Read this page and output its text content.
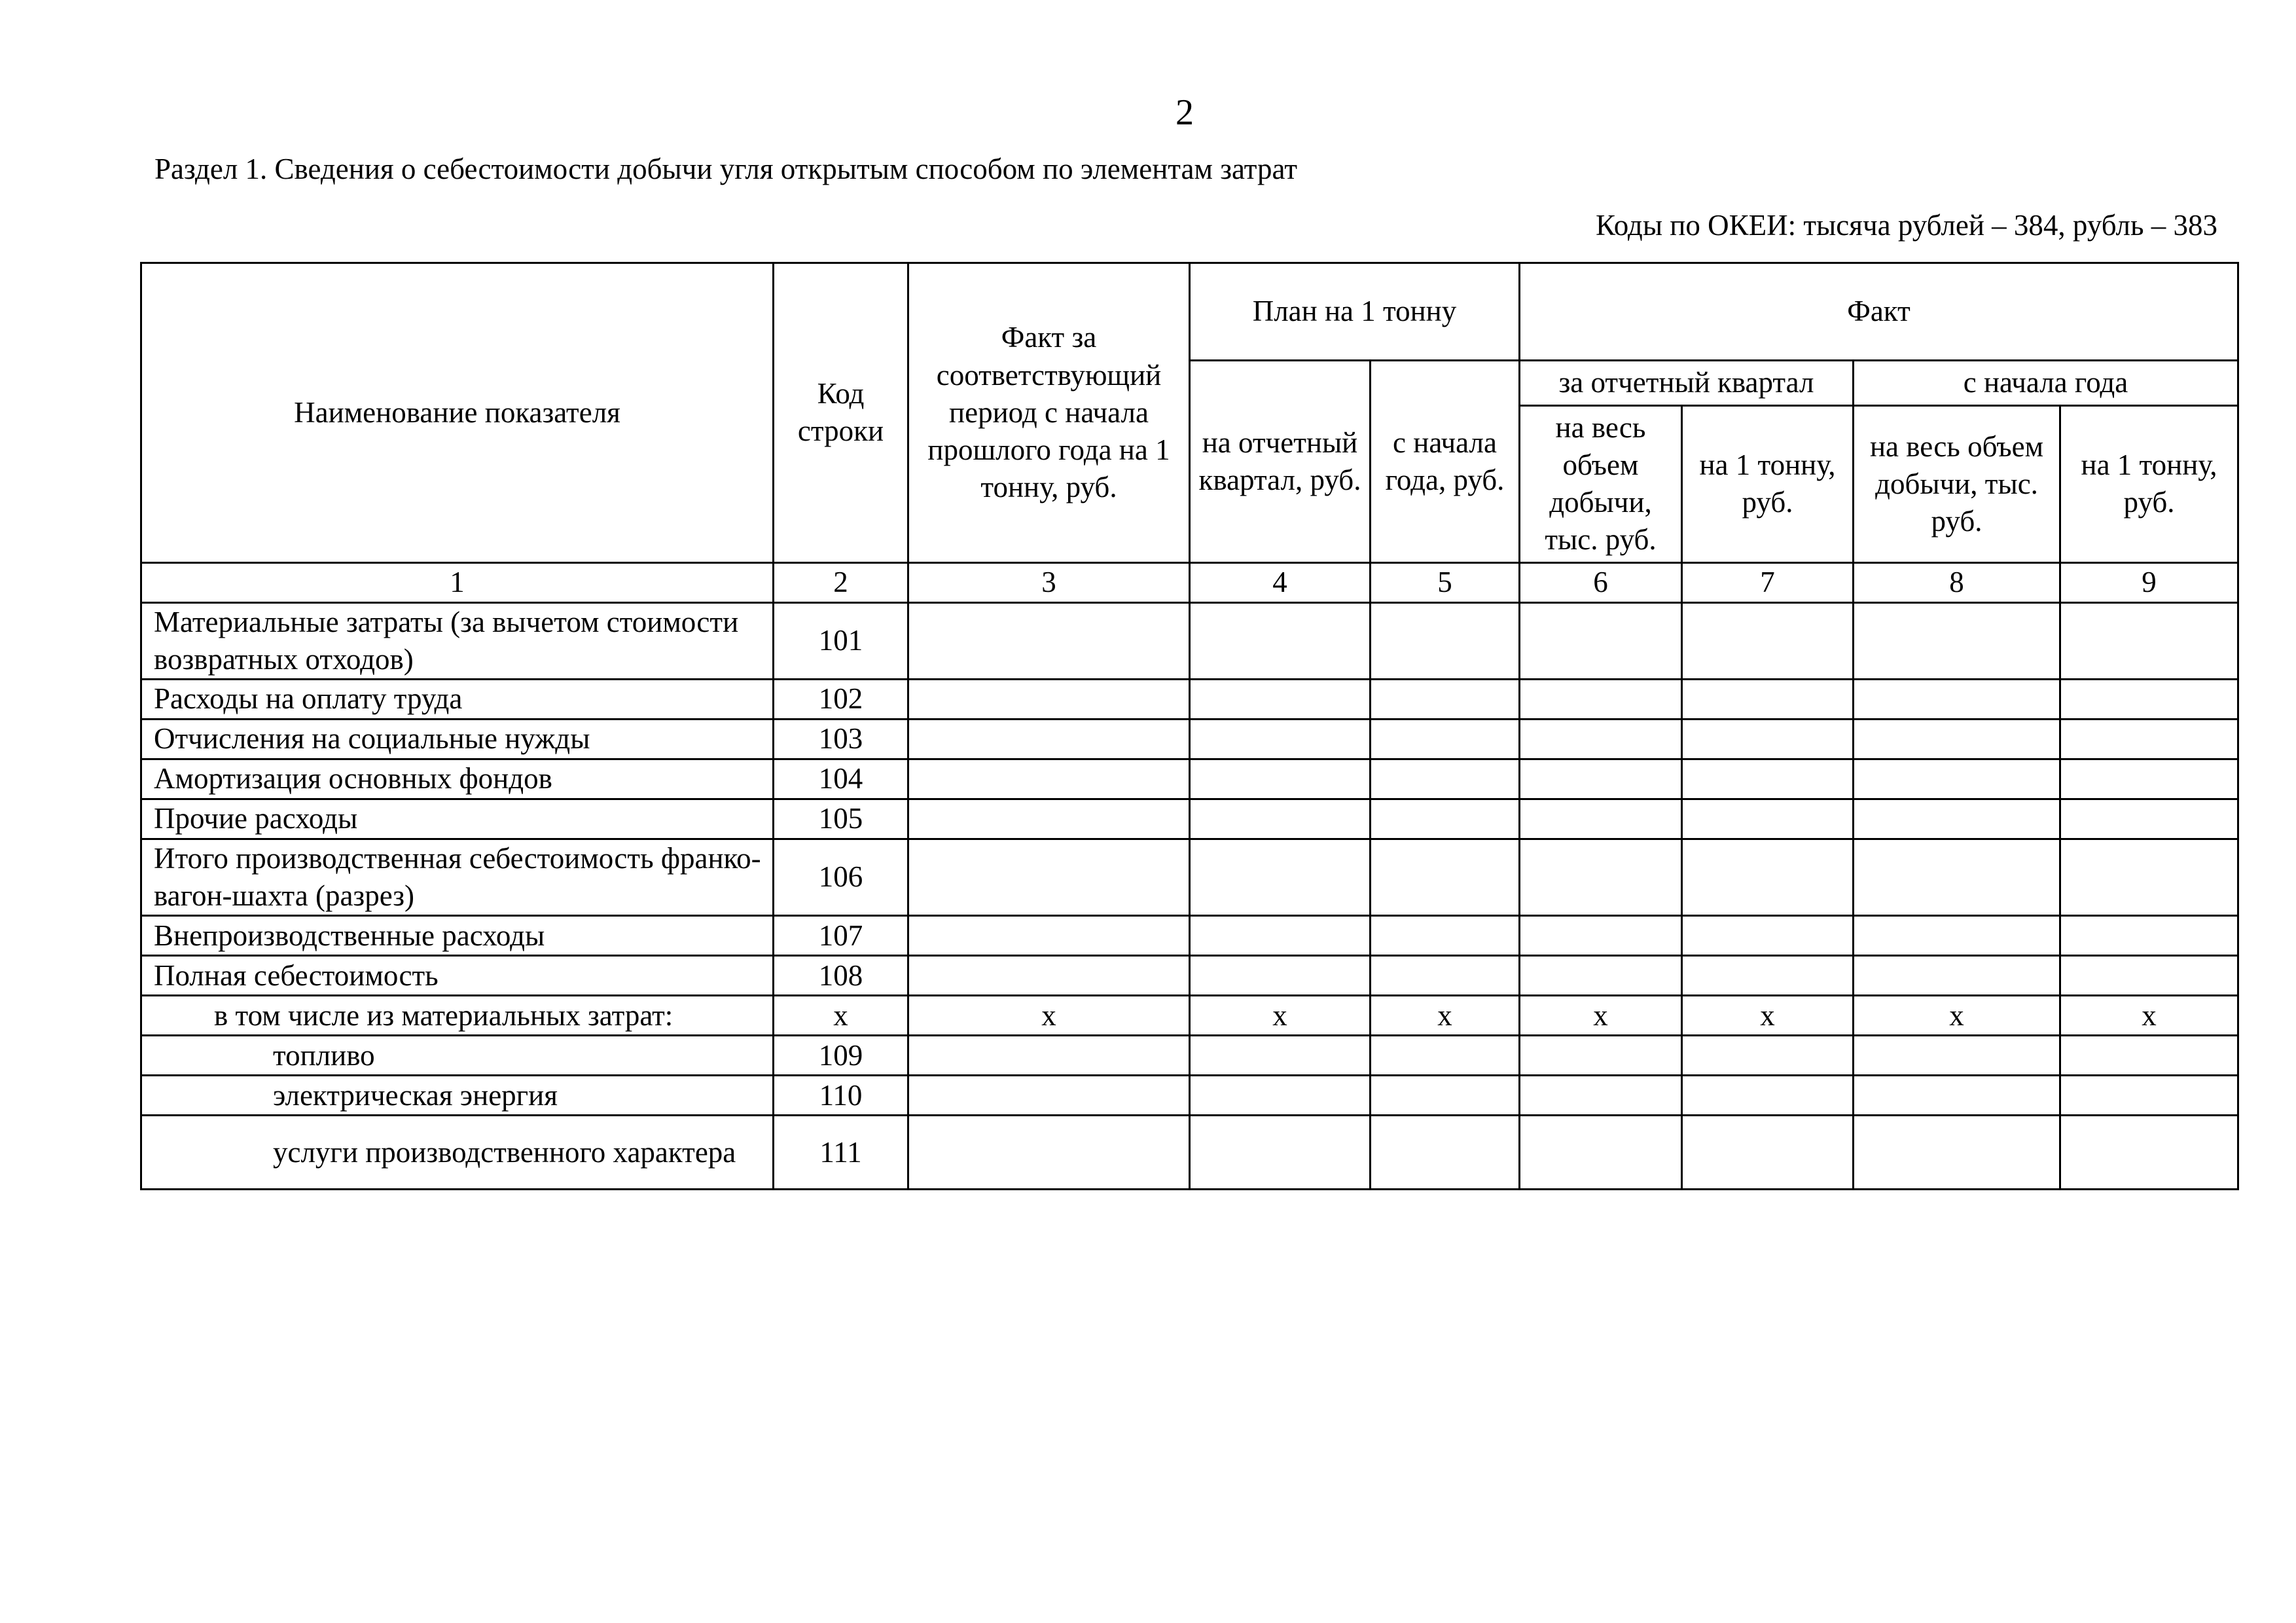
2
Раздел 1. Сведения о себестоимости добычи угля открытым способом по элементам затрат
Коды по ОКЕИ: тысяча рублей – 384, рубль – 383
Наименование показателя	Код строки	Факт за соответствующий период с начала прошлого года на 1 тонну, руб.	План на 1 тонну		Факт			
			на отчетный квартал, руб.	с начала года, руб.	за отчетный квартал		с начала года	
					на весь объем добычи, тыс. руб.	на 1 тонну, руб.	на весь объем добычи, тыс. руб.	на 1 тонну, руб.
1	2	3	4	5	6	7	8	9
Материальные затраты (за вычетом стоимости возвратных отходов)	101							
Расходы на оплату труда	102							
Отчисления на социальные нужды	103							
Амортизация основных фондов	104							
Прочие расходы	105							
Итого производственная себестоимость франко-вагон-шахта (разрез)	106							
Внепроизводственные расходы	107							
Полная себестоимость	108							
в том числе из материальных затрат:	х	х	х	х	х	х	х	х
топливо	109							
электрическая энергия	110							
услуги производственного характера	111							
